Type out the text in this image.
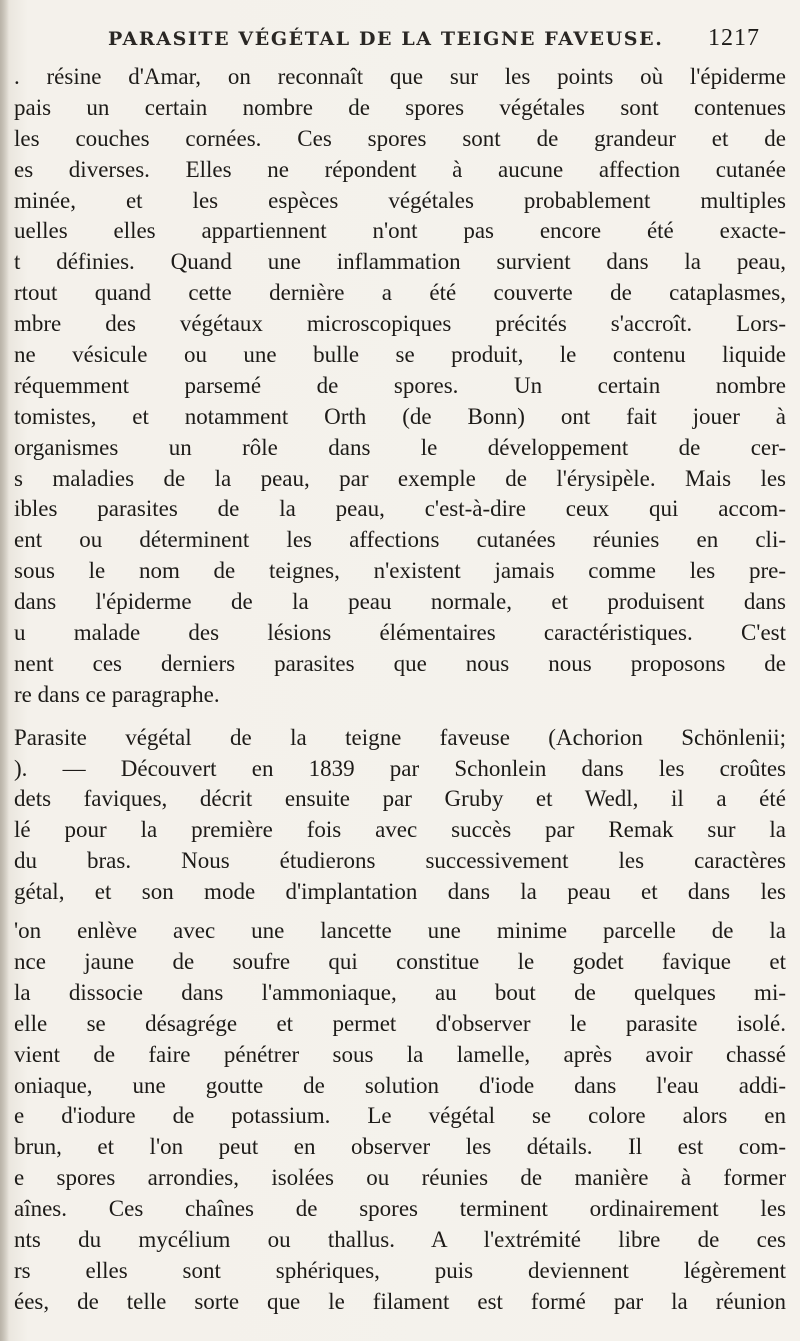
PARASITE VÉGÉTAL DE LA TEIGNE FAVEUSE. 1217
. résine d'Amar, on reconnaît que sur les points où l'épiderme
pais un certain nombre de spores végétales sont contenues
les couches cornées. Ces spores sont de grandeur et de
es diverses. Elles ne répondent à aucune affection cutanée
minée, et les espèces végétales probablement multiples
uelles elles appartiennent n'ont pas encore été exacte-
t définies. Quand une inflammation survient dans la peau,
rtout quand cette dernière a été couverte de cataplasmes,
mbre des végétaux microscopiques précités s'accroît. Lors-
ne vésicule ou une bulle se produit, le contenu liquide
réquemment parsemé de spores. Un certain nombre
tomistes, et notamment Orth (de Bonn) ont fait jouer à
organismes un rôle dans le développement de cer-
s maladies de la peau, par exemple de l'érysipèle. Mais les
ibles parasites de la peau, c'est-à-dire ceux qui accom-
ent ou déterminent les affections cutanées réunies en cli-
sous le nom de teignes, n'existent jamais comme les pre-
dans l'épiderme de la peau normale, et produisent dans
u malade des lésions élémentaires caractéristiques. C'est
nent ces derniers parasites que nous nous proposons de
re dans ce paragraphe.
Parasite végétal de la teigne faveuse (Achorion Schönlenii;
). — Découvert en 1839 par Schonlein dans les croûtes
dets faviques, décrit ensuite par Gruby et Wedl, il a été
lé pour la première fois avec succès par Remak sur la
du bras. Nous étudierons successivement les caractères
gétal, et son mode d'implantation dans la peau et dans les
'on enlève avec une lancette une minime parcelle de la
nce jaune de soufre qui constitue le godet favique et
la dissocie dans l'ammoniaque, au bout de quelques mi-
elle se désagrége et permet d'observer le parasite isolé.
vient de faire pénétrer sous la lamelle, après avoir chassé
oniaque, une goutte de solution d'iode dans l'eau addi-
e d'iodure de potassium. Le végétal se colore alors en
brun, et l'on peut en observer les détails. Il est com-
e spores arrondies, isolées ou réunies de manière à former
aînes. Ces chaînes de spores terminent ordinairement les
nts du mycélium ou thallus. A l'extrémité libre de ces
rs elles sont sphériques, puis deviennent légèrement
ées, de telle sorte que le filament est formé par la réunion
